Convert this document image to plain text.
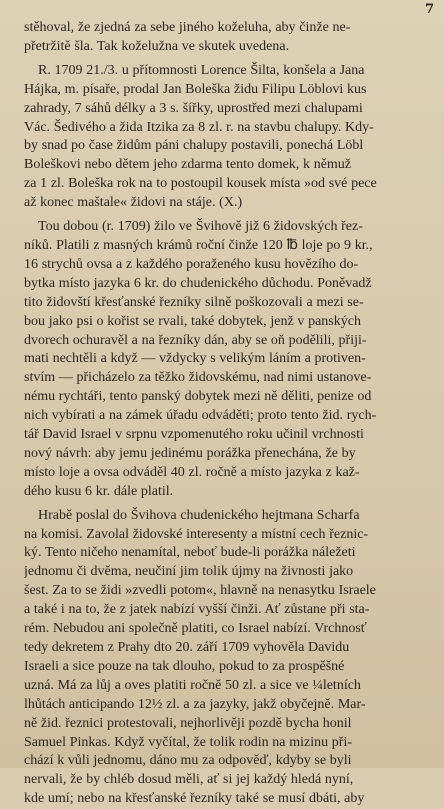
7

stěhoval, že zjedná za sebe jiného koželuha, aby činže ne-
přetržitě šla. Tak koželužna ve skutek uvedena.

R. 1709 21./3. u přítomnosti Lorence Šilta, konšela a Jana
Hájka, m. písaře, prodal Jan Boleška židu Filipu Löblovi kus
zahrady, 7 sáhů délky a 3 s. šířky, uprostřed mezi chalupami
Vác. Šedivého a žida Itzika za 8 zl. r. na stavbu chalupy. Kdy-
by snad po čase židům páni chalupy postavili, ponechá Löbl
Boleškovi nebo dětem jeho zdarma tento domek, k němuž
za 1 zl. Boleška rok na to postoupil kousek místa »od své pece
až konec maštale« židovi na stáje. (X.)

Tou dobou (r. 1709) žilo ve Švihově již 6 židovských řez-
níků. Platili z masných krámů roční činže 120 ℔ loje po 9 kr.,
16 strychů ovsa a z každého poraženého kusu hovězího do-
bytka místo jazyka 6 kr. do chudenického důchodu. Poněvadž
tito židovští křesťanské řezníky silně poškozovali a mezi se-
bou jako psi o kořist se rvali, také dobytek, jenž v panských
dvorech ochuravěl a na řezníky dán, aby se oň podělili, přiji-
mati nechtěli a když — vždycky s velikým láním a protiven-
stvím — přicházelo za těžko židovskému, nad nimi ustanove-
nému rychtáři, tento panský dobytek mezi ně děliti, penize od
nich vybírati a na zámek úřadu odváděti; proto tento žid. rych-
tář David Israel v srpnu vzpomenutého roku učinil vrchnosti
nový návrh: aby jemu jedinému porážka přenechána, že by
místo loje a ovsa odváděl 40 zl. ročně a místo jazyka z kaž-
dého kusu 6 kr. dále platil.

Hrabě poslal do Švihova chudenického hejtmana Scharfa
na komisi. Zavolal židovské interesenty a místní cech řeznic-
ký. Tento ničeho nenamítal, neboť bude-li porážka náležeti
jednomu či dvěma, neučiní jim tolik újmy na živnosti jako
šest. Za to se židi »zvedli potom«, hlavně na nenasytku Israele
a také i na to, že z jatek nabízí vyšší činži. Ať zůstane při sta-
rém. Nebudou ani společně platiti, co Israel nabízí. Vrchnosť
tedy dekretem z Prahy dto 20. září 1709 vyhověla Davidu
Israeli a sice pouze na tak dlouho, pokud to za prospěšné
uzná. Má za lůj a oves platiti ročně 50 zl. a sice ve ¼letních
lhůtách anticipando 12½ zl. a za jazyky, jakž obyčejně. Mar-
ně žid. řeznici protestovali, nejhorlivěji pozdě bycha honil
Samuel Pinkas. Když vyčítal, že tolik rodin na mizinu při-
chází k vůli jednomu, dáno mu za odpověď, kdyby se byli
nervali, že by chléb dosud měli, ať si jej každý hledá nyní,
kde umí; nebo na křesťanské řezníky také se musí dbáti, aby
